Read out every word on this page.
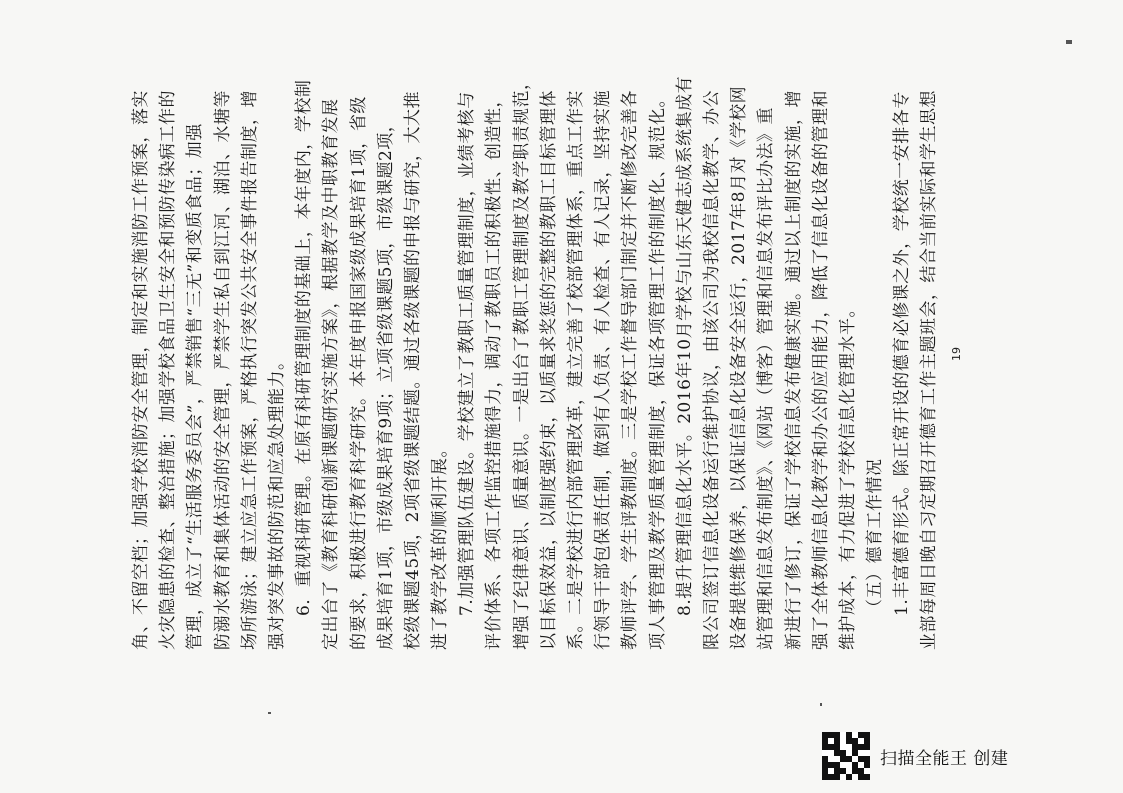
角、不留空档；加强学校消防安全管理，制定和实施消防工作预案，落实 火灾隐患的检查、整治措施；加强学校食品卫生安全和预防传染病工作的 管理，成立了“生活服务委员会”，严禁销售“三无”和变质食品；加强 防溺水教育和集体活动的安全管理，严禁学生私自到江河、湖泊、水塘等 场所游泳；建立应急工作预案，严格执行突发公共安全事件报告制度，增 强对突发事故的防范和应急处理能力。 6．重视科研管理。在原有科研管理制度的基础上，本年度内，学校制 定出台了《教育科研创新课题研究实施方案》，根据教学及中职教育发展 的要求，积极进行教育科学研究。本年度申报国家级成果培育1项，省级 成果培育1项，市级成果培育9项；立项省级课题5项，市级课题2项， 校级课题45项，2项省级课题结题。通过各级课题的申报与研究，大大推 进了教学改革的顺利开展。 7.加强管理队伍建设。学校建立了教职工质量管理制度，业绩考核与 评价体系、各项工作监控措施得力，调动了教职员工的积极性、创造性， 增强了纪律意识、质量意识。一是出台了教职工管理制度及教学职责规范， 以目标保效益，以制度强约束，以质量求奖惩的完整的教职工目标管理体 系。二是学校进行内部管理改革，建立完善了校部管理体系，重点工作实 行领导干部包保责任制，做到有人负责、有人检查、有人记录，坚持实施 教师评学、学生评教制度。三是学校工作督导部门制定并不断修改完善各 项人事管理及教学质量管理制度，保证各项管理工作的制度化、规范化。 8.提升管理信息化水平。2016年10月学校与山东天健志成系统集成有 限公司签订信息化设备运行维护协议，由该公司为我校信息化教学、办公 设备提供维修保养，以保证信息化设备安全运行，2017年8月对《学校网 站管理和信息发布制度》、《网站（博客）管理和信息发布评比办法》重 新进行了修订，保证了学校信息发布健康实施。通过以上制度的实施，增 强了全体教师信息化教学和办公的应用能力，降低了信息化设备的管理和 维护成本，有力促进了学校信息化管理水平。 （五）德育工作情况 1.丰富德育形式。除正常开设的德育必修课之外，学校统一安排各专 业部每周日晚自习定期召开德育工作主题班会，结合当前实际和学生思想 19
扫描全能王 创建
